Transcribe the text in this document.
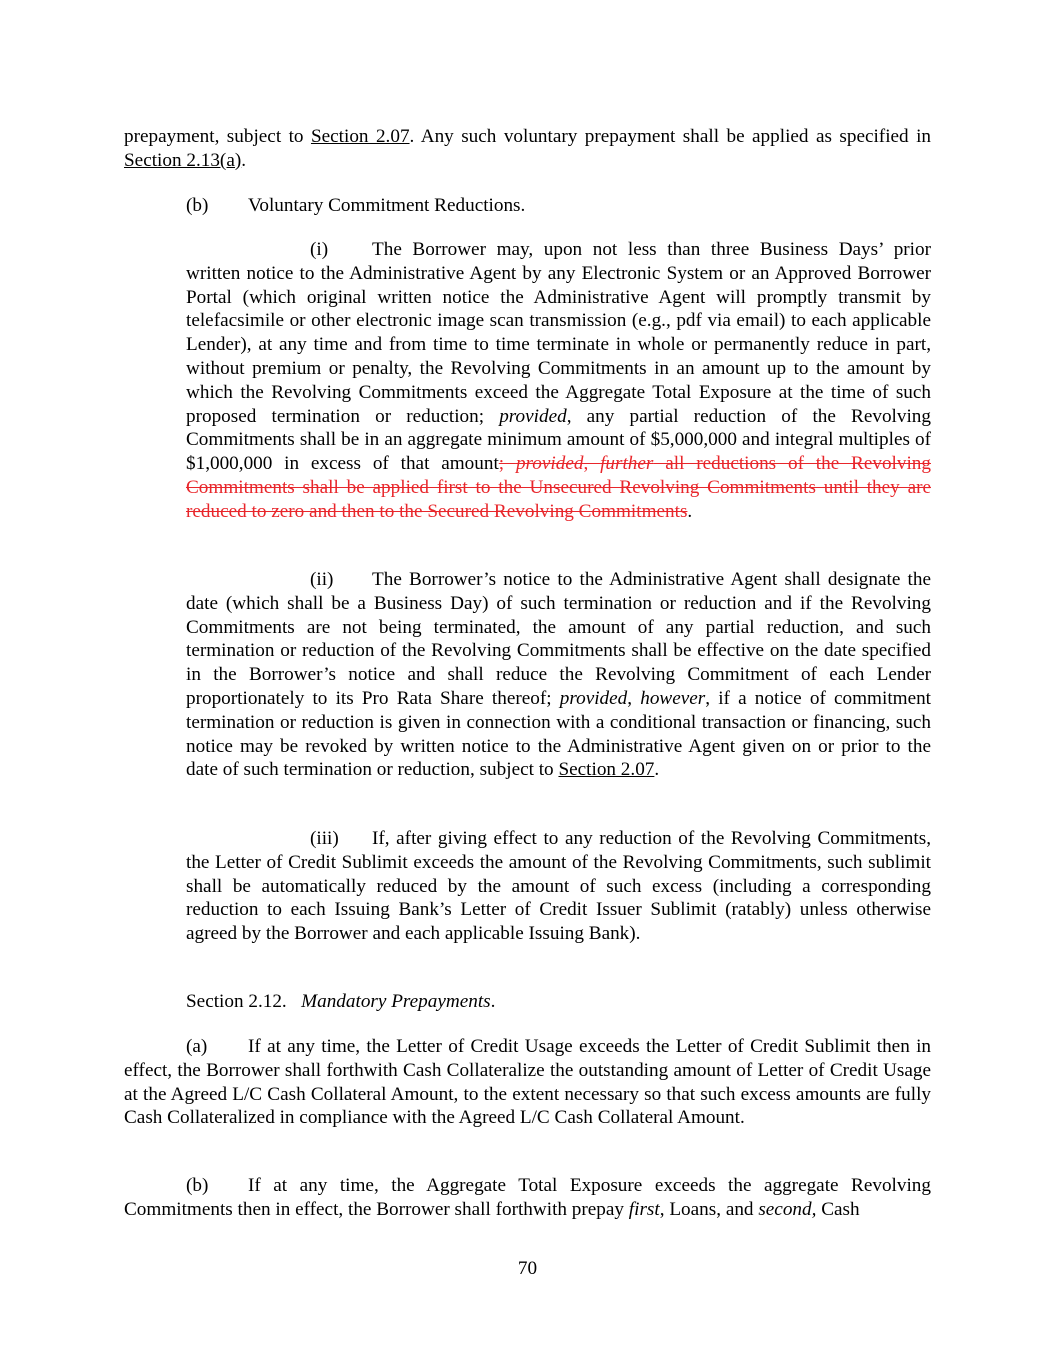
prepayment, subject to Section 2.07. Any such voluntary prepayment shall be applied as specified in Section 2.13(a).

(b) Voluntary Commitment Reductions.

(i) The Borrower may, upon not less than three Business Days’ prior written notice to the Administrative Agent by any Electronic System or an Approved Borrower Portal (which original written notice the Administrative Agent will promptly transmit by telefacsimile or other electronic image scan transmission (e.g., pdf via email) to each applicable Lender), at any time and from time to time terminate in whole or permanently reduce in part, without premium or penalty, the Revolving Commitments in an amount up to the amount by which the Revolving Commitments exceed the Aggregate Total Exposure at the time of such proposed termination or reduction; provided, any partial reduction of the Revolving Commitments shall be in an aggregate minimum amount of $5,000,000 and integral multiples of $1,000,000 in excess of that amount; provided, further all reductions of the Revolving Commitments shall be applied first to the Unsecured Revolving Commitments until they are reduced to zero and then to the Secured Revolving Commitments.

(ii) The Borrower’s notice to the Administrative Agent shall designate the date (which shall be a Business Day) of such termination or reduction and if the Revolving Commitments are not being terminated, the amount of any partial reduction, and such termination or reduction of the Revolving Commitments shall be effective on the date specified in the Borrower’s notice and shall reduce the Revolving Commitment of each Lender proportionately to its Pro Rata Share thereof; provided, however, if a notice of commitment termination or reduction is given in connection with a conditional transaction or financing, such notice may be revoked by written notice to the Administrative Agent given on or prior to the date of such termination or reduction, subject to Section 2.07.

(iii) If, after giving effect to any reduction of the Revolving Commitments, the Letter of Credit Sublimit exceeds the amount of the Revolving Commitments, such sublimit shall be automatically reduced by the amount of such excess (including a corresponding reduction to each Issuing Bank’s Letter of Credit Issuer Sublimit (ratably) unless otherwise agreed by the Borrower and each applicable Issuing Bank).

Section 2.12. Mandatory Prepayments.

(a) If at any time, the Letter of Credit Usage exceeds the Letter of Credit Sublimit then in effect, the Borrower shall forthwith Cash Collateralize the outstanding amount of Letter of Credit Usage at the Agreed L/C Cash Collateral Amount, to the extent necessary so that such excess amounts are fully Cash Collateralized in compliance with the Agreed L/C Cash Collateral Amount.

(b) If at any time, the Aggregate Total Exposure exceeds the aggregate Revolving Commitments then in effect, the Borrower shall forthwith prepay first, Loans, and second, Cash

70
